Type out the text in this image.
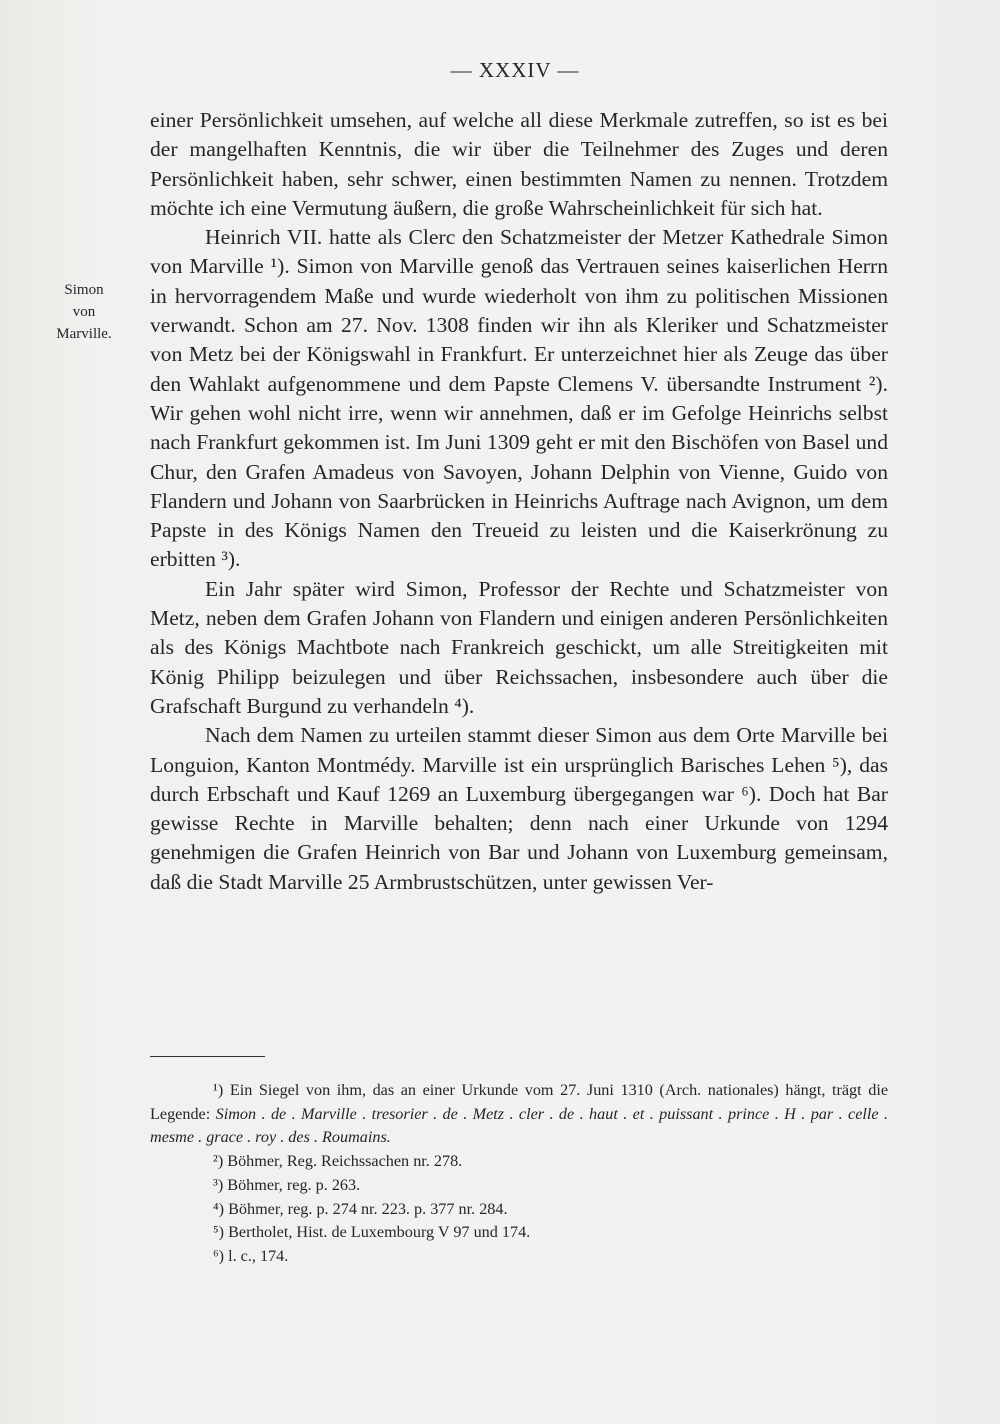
— XXXIV —
Simon
von
Marville.

einer Persönlichkeit umsehen, auf welche all diese Merkmale zutreffen, so ist es bei der mangelhaften Kenntnis, die wir über die Teilnehmer des Zuges und deren Persönlichkeit haben, sehr schwer, einen bestimmten Namen zu nennen. Trotzdem möchte ich eine Vermutung äußern, die große Wahrscheinlichkeit für sich hat.

Heinrich VII. hatte als Clerc den Schatzmeister der Metzer Kathedrale Simon von Marville ¹). Simon von Marville genoß das Vertrauen seines kaiserlichen Herrn in hervorragendem Maße und wurde wiederholt von ihm zu politischen Missionen verwandt. Schon am 27. Nov. 1308 finden wir ihn als Kleriker und Schatzmeister von Metz bei der Königswahl in Frankfurt. Er unterzeichnet hier als Zeuge das über den Wahlakt aufgenommene und dem Papste Clemens V. übersandte Instrument ²). Wir gehen wohl nicht irre, wenn wir annehmen, daß er im Gefolge Heinrichs selbst nach Frankfurt gekommen ist. Im Juni 1309 geht er mit den Bischöfen von Basel und Chur, den Grafen Amadeus von Savoyen, Johann Delphin von Vienne, Guido von Flandern und Johann von Saarbrücken in Heinrichs Auftrage nach Avignon, um dem Papste in des Königs Namen den Treueid zu leisten und die Kaiserkrönung zu erbitten ³).

Ein Jahr später wird Simon, Professor der Rechte und Schatzmeister von Metz, neben dem Grafen Johann von Flandern und einigen anderen Persönlichkeiten als des Königs Machtbote nach Frankreich geschickt, um alle Streitigkeiten mit König Philipp beizulegen und über Reichssachen, insbesondere auch über die Grafschaft Burgund zu verhandeln ⁴).

Nach dem Namen zu urteilen stammt dieser Simon aus dem Orte Marville bei Longuion, Kanton Montmédy. Marville ist ein ursprünglich Barisches Lehen ⁵), das durch Erbschaft und Kauf 1269 an Luxemburg übergegangen war ⁶). Doch hat Bar gewisse Rechte in Marville behalten; denn nach einer Urkunde von 1294 genehmigen die Grafen Heinrich von Bar und Johann von Luxemburg gemeinsam, daß die Stadt Marville 25 Armbrustschützen, unter gewissen Ver-

¹) Ein Siegel von ihm, das an einer Urkunde vom 27. Juni 1310 (Arch. nationales) hängt, trägt die Legende: Simon . de . Marville . tresorier . de . Metz . cler . de . haut . et . puissant . prince . H . par . celle . mesme . grace . roy . des . Roumains.

²) Böhmer, Reg. Reichssachen nr. 278.

³) Böhmer, reg. p. 263.

⁴) Böhmer, reg. p. 274 nr. 223. p. 377 nr. 284.

⁵) Bertholet, Hist. de Luxembourg V 97 und 174.

⁶) l. c., 174.
